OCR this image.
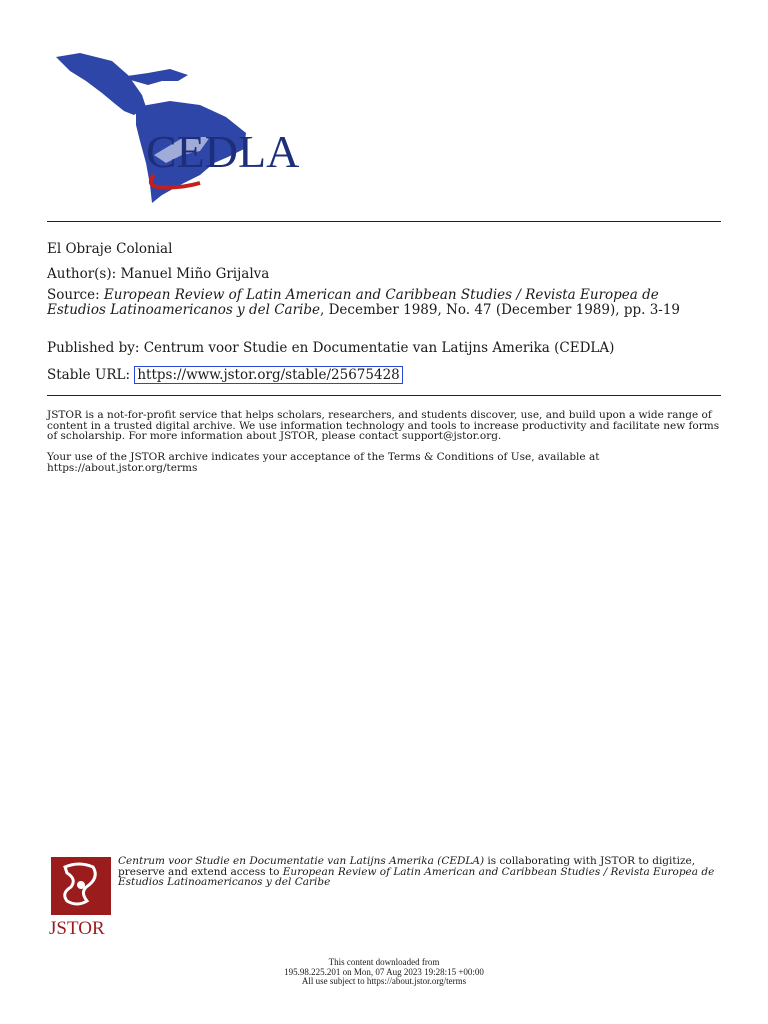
CEDLA
El Obraje Colonial
Author(s): Manuel Miño Grijalva
Source: European Review of Latin American and Caribbean Studies / Revista Europea de Estudios Latinoamericanos y del Caribe, December 1989, No. 47 (December 1989), pp. 3-19
Published by: Centrum voor Studie en Documentatie van Latijns Amerika (CEDLA)
Stable URL: https://www.jstor.org/stable/25675428
JSTOR is a not-for-profit service that helps scholars, researchers, and students discover, use, and build upon a wide range of content in a trusted digital archive. We use information technology and tools to increase productivity and facilitate new forms of scholarship. For more information about JSTOR, please contact support@jstor.org.
Your use of the JSTOR archive indicates your acceptance of the Terms & Conditions of Use, available at https://about.jstor.org/terms
JSTOR
Centrum voor Studie en Documentatie van Latijns Amerika (CEDLA) is collaborating with JSTOR to digitize, preserve and extend access to European Review of Latin American and Caribbean Studies / Revista Europea de Estudios Latinoamericanos y del Caribe
This content downloaded from
195.98.225.201 on Mon, 07 Aug 2023 19:28:15 +00:00
All use subject to https://about.jstor.org/terms
